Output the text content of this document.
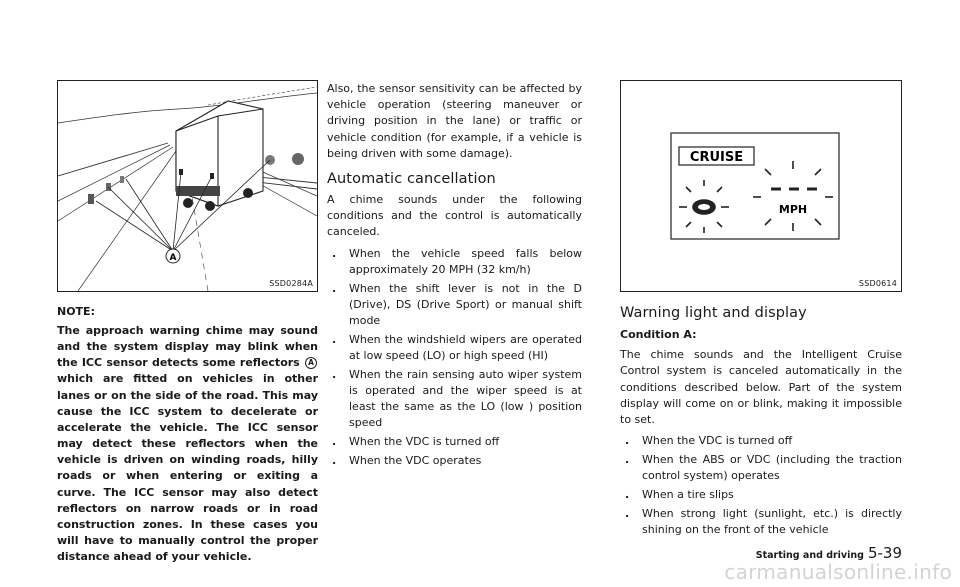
A
SSD0284A
NOTE:

The approach warning chime may sound and the system display may blink when the ICC sensor detects some reflectors A which are fitted on vehicles in other lanes or on the side of the road. This may cause the ICC system to decelerate or accelerate the vehicle. The ICC sensor may detect these reflectors when the vehicle is driven on winding roads, hilly roads or when entering or exiting a curve. The ICC sensor may also detect reflectors on narrow roads or in road construction zones. In these cases you will have to manually control the proper distance ahead of your vehicle.

Also, the sensor sensitivity can be affected by vehicle operation (steering maneuver or driving position in the lane) or traffic or vehicle condition (for example, if a vehicle is being driven with some damage).

Automatic cancellation

A chime sounds under the following conditions and the control is automatically canceled.

. When the vehicle speed falls below approximately 20 MPH (32 km/h)

. When the shift lever is not in the D (Drive), DS (Drive Sport) or manual shift mode

. When the windshield wipers are operated at low speed (LO) or high speed (HI)

. When the rain sensing auto wiper system is operated and the wiper speed is at least the same as the LO (low ) position speed

. When the VDC is turned off

. When the VDC operates

CRUISE
MPH
SSD0614
Warning light and display

Condition A:

The chime sounds and the Intelligent Cruise Control system is canceled automatically in the conditions described below. Part of the system display will come on or blink, making it impossible to set.

. When the VDC is turned off

. When the ABS or VDC (including the traction control system) operates

. When a tire slips

. When strong light (sunlight, etc.) is directly shining on the front of the vehicle

Starting and driving 5-39
carmanualsonline.info
